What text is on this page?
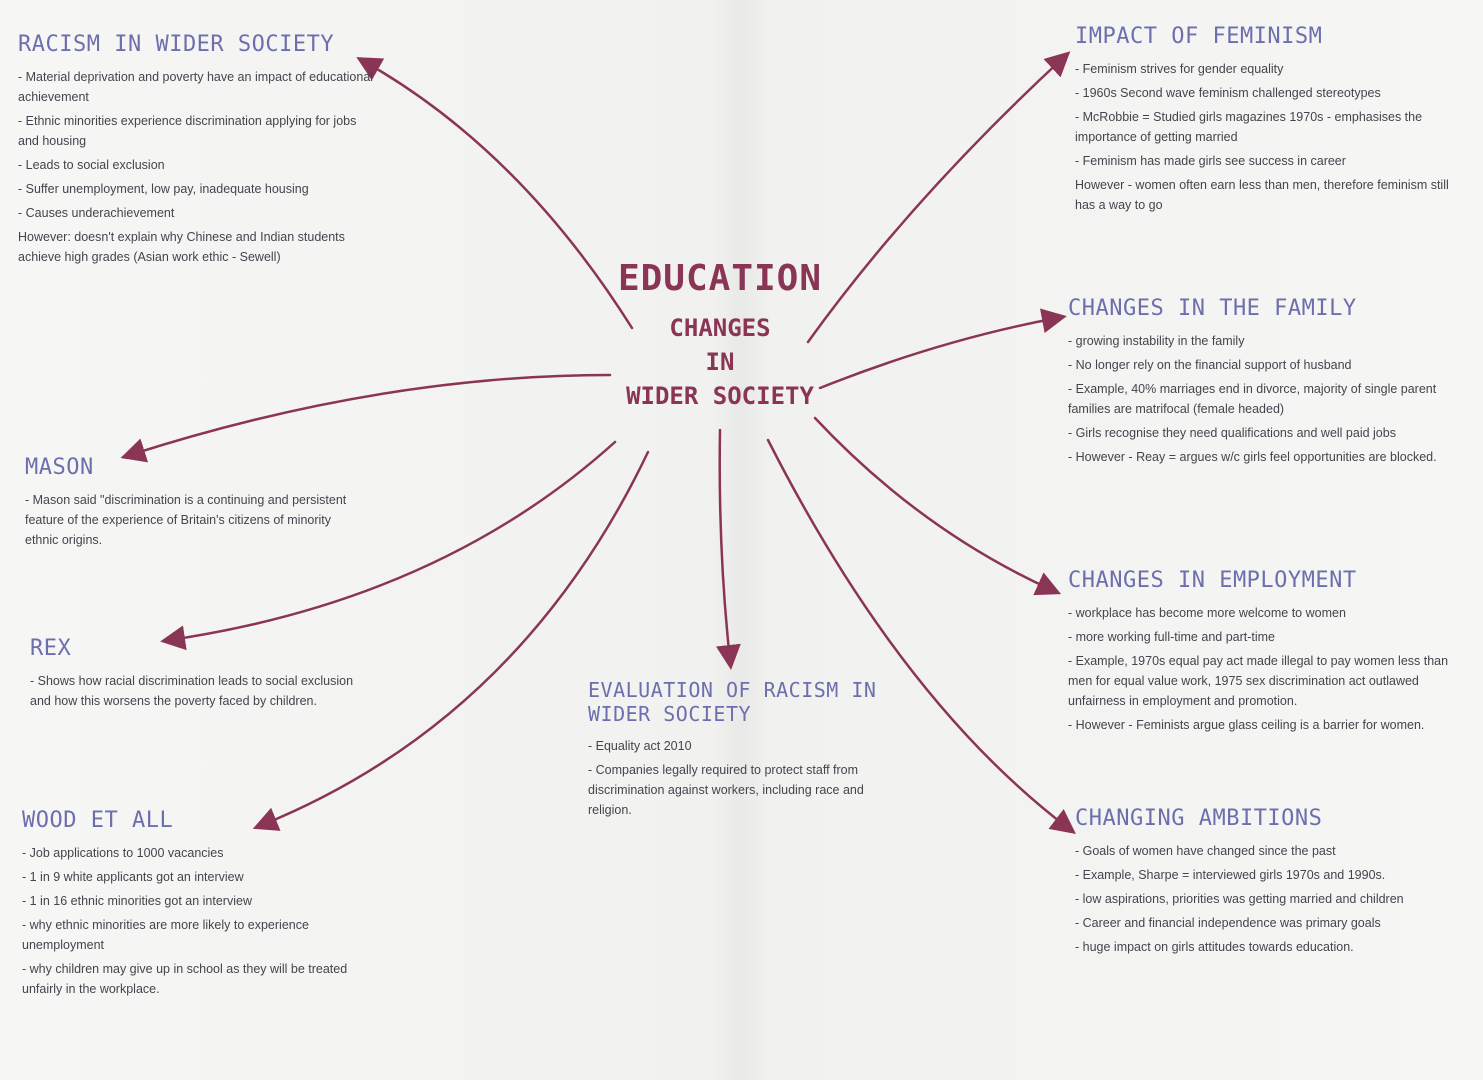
EDUCATION
CHANGES
IN
WIDER SOCIETY
RACISM IN WIDER SOCIETY

- Material deprivation and poverty have an impact of educational achievement

- Ethnic minorities experience discrimination applying for jobs and housing

- Leads to social exclusion

- Suffer unemployment, low pay, inadequate housing

- Causes underachievement

However: doesn't explain why Chinese and Indian students achieve high grades (Asian work ethic - Sewell)

MASON

- Mason said "discrimination is a continuing and persistent feature of the experience of Britain's citizens of minority ethnic origins.

REX

- Shows how racial discrimination leads to social exclusion and how this worsens the poverty faced by children.

WOOD ET ALL

- Job applications to 1000 vacancies

- 1 in 9 white applicants got an interview

- 1 in 16 ethnic minorities got an interview

- why ethnic minorities are more likely to experience unemployment

- why children may give up in school as they will be treated unfairly in the workplace.

EVALUATION OF RACISM IN WIDER SOCIETY

- Equality act 2010

- Companies legally required to protect staff from discrimination against workers, including race and religion.

IMPACT OF FEMINISM

- Feminism strives for gender equality

- 1960s Second wave feminism challenged stereotypes

- McRobbie = Studied girls magazines 1970s - emphasises the importance of getting married

- Feminism has made girls see success in career

However - women often earn less than men, therefore feminism still has a way to go

CHANGES IN THE FAMILY

- growing instability in the family

- No longer rely on the financial support of husband

- Example, 40% marriages end in divorce, majority of single parent families are matrifocal (female headed)

- Girls recognise they need qualifications and well paid jobs

- However - Reay = argues w/c girls feel opportunities are blocked.

CHANGES IN EMPLOYMENT

- workplace has become more welcome to women

- more working full-time and part-time

- Example, 1970s equal pay act made illegal to pay women less than men for equal value work, 1975 sex discrimination act outlawed unfairness in employment and promotion.

- However - Feminists argue glass ceiling is a barrier for women.

CHANGING AMBITIONS

- Goals of women have changed since the past

- Example, Sharpe = interviewed girls 1970s and 1990s.

- low aspirations, priorities was getting married and children

- Career and financial independence was primary goals

- huge impact on girls attitudes towards education.
